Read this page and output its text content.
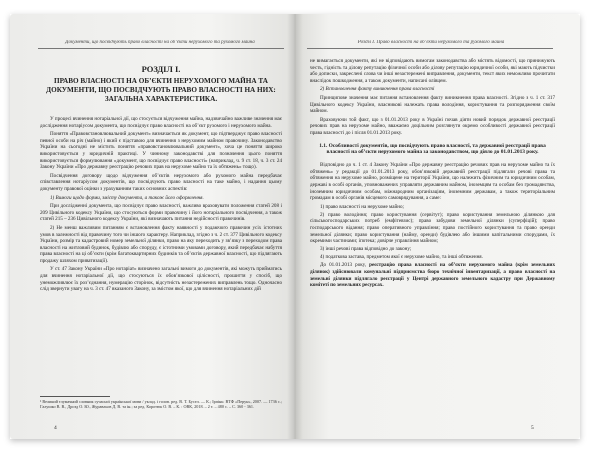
Документи, що посвідчують право власності на об’єкти нерухомого та рухомого майна
РОЗДІЛ І.
ПРАВО ВЛАСНОСТІ НА ОБ’ЄКТИ НЕРУХОМОГО МАЙНА ТА ДОКУМЕНТИ, ЩО ПОСВІДЧУЮТЬ ПРАВО ВЛАСНОСТІ НА НИХ: ЗАГАЛЬНА ХАРАКТЕРИСТИКА.

У процесі вчинення нотаріальної дії, що стосується відчуження майна, надзвичайно важливе значення має дослідження нотаріусом документа, що посвідчує право власності на об’єкт рухомого і нерухомого майна.

Поняття «Правовстановлювальний документ» визначається як документ, що підтверджує право власності певної особи на річ (майно) і який є підставою для вчинення з нерухомим майном правочину. Законодавство України на сьогодні не містить поняття «правовстановлювальний документ», хоча це поняття широко використовується у юридичній практиці. У чинному законодавстві для позначення цього поняття використовується формулювання «документ, що посвідчує право власності» (наприклад, ч. 9 ст. 18, ч. 3 ст. 24 Закону України «Про державну реєстрацію речових прав на нерухоме майно та їх обтяжень» тощо).

Посвідчення договору щодо відчуження об’єктів нерухомого або рухомого майна передбачає співставлення нотаріусом документів, що посвідчують право власності на таке майно, і надання цьому документу правової оцінки з урахуванням таких основних аспектів:

1) Вимоги щодо форми, змісту документа, а також його оформлення.

При дослідженні документа, що посвідчує право власності, важливо враховувати положення статей 208 і 209 Цивільного кодексу України, що стосуються форми правочину і його нотаріального посвідчення, а також статей 215 – 236 Цивільного кодексу України, які визначають питання недійсності правочинів.

2) Не менш важливим питанням є встановлення факту наявності у подаючого правочин усіх істотних умов в залежності від правочину того чи іншого характеру. Наприклад, згідно з ч. 2 ст. 377 Цивільного кодексу України, розмір та кадастровий номер земельної ділянки, право на яку переходить у зв’язку з переходом права власності на житловий будинок, будівлю або споруду, є істотними умовами договору, який передбачає набуття права власності на ці об’єкти (крім багатоквартирних будинків та об’єктів державної власності, що підлягають продажу шляхом приватизації).

У ст. 47 Закону України «Про нотаріат» визначено загальні вимоги до документів, які можуть прийматись для вчинення нотаріальної дії, що стосуються їх обов’язкової цілісності, прошиття у спосіб, що унеможливлює їх роз’єднання, нумерацію сторінок, відсутність незастережених виправлень тощо. Одночасно слід звернути увагу на ч. 3 ст. 47 вказаного Закону, за змістом якої, що для вчинення нотаріальних дій

¹ Великий тлумачний словник сучасної української мови / уклад. і голов. ред. В. Т. Бусел. — К.; Ірпінь: ВТФ «Перун», 2007. — 1736 с.; Галушко В. В., Дрозд О. Ю., Журавльов Д. В. та ін.; за ред. Коротюк О. В. – К. : ОВК, 2018. – 2 т. – 480 с. – С. 360 - 361.
4
Розділ І. Право власності на об’єкти нерухомого та рухомого майна

не вимагається документи, які не відповідають вимогам законодавства або містять відомості, що принижують честь, гідність та ділову репутацію фізичної особи або ділову репутацію юридичної особи, які мають підчистки або дописки, закреслені слова чи інші незастережені виправлення, документи, текст яких неможливо прочитати внаслідок пошкодження, а також документи, написані олівцем.

2) Встановлення факту виникнення права власності

Принципове значення має питання встановлення факту виникнення права власності. Згідно з ч. 1 ст. 317 Цивільного кодексу України, власникові належать права володіння, користування та розпорядження своїм майном.

Враховуючи той факт, що з 01.01.2013 року в Україні почав діяти новий порядок державної реєстрації речових прав на нерухоме майно, вважаємо доцільним розглянути окремо особливості державної реєстрації права власності до і після 01.01.2013 року.

1.1. Особливості документів, що посвідчують право власності, та державної реєстрації права власності на об’єкти нерухомого майна за законодавством, що діяло до 01.01.2013 року.

Відповідно до ч. 1 ст. 4 Закону України «Про державну реєстрацію речових прав на нерухоме майно та їх обтяжень» у редакції до 01.01.2013 року, обов’язковій державній реєстрації підлягали речові права та обтяження на нерухоме майно, розміщене на території України, що належить фізичним та юридичним особам, державі в особі органів, уповноважених управляти державним майном, іноземцям та особам без громадянства, іноземним юридичним особам, міжнародним організаціям, іноземним державам, а також територіальним громадам в особі органів місцевого самоврядування, а саме:

1) право власності на нерухоме майно;

2) право володіння; право користування (сервітут); право користування земельною ділянкою для сільськогосподарських потреб (емфітевзис); право забудови земельної ділянки (суперфіцій); право господарського відання; право оперативного управління; право постійного користування та право оренди земельної ділянки; право користування (найму, оренди) будівлею або іншими капітальними спорудами, їх окремими частинами; іпотека; довірче управління майном;

3) інші речові права відповідно до закону;

4) податкова застава, предметом якої є нерухоме майно, та інші обтяження.

До 01.01.2013 року, реєстрацію права власності на об’єкти нерухомого майна (крім земельних ділянок) здійснювали комунальні підприємства бюро технічної інвентаризації, а право власності на земельні ділянки підлягало реєстрації у Центрі державного земельного кадастру при Державному комітеті по земельних ресурсах.

5
